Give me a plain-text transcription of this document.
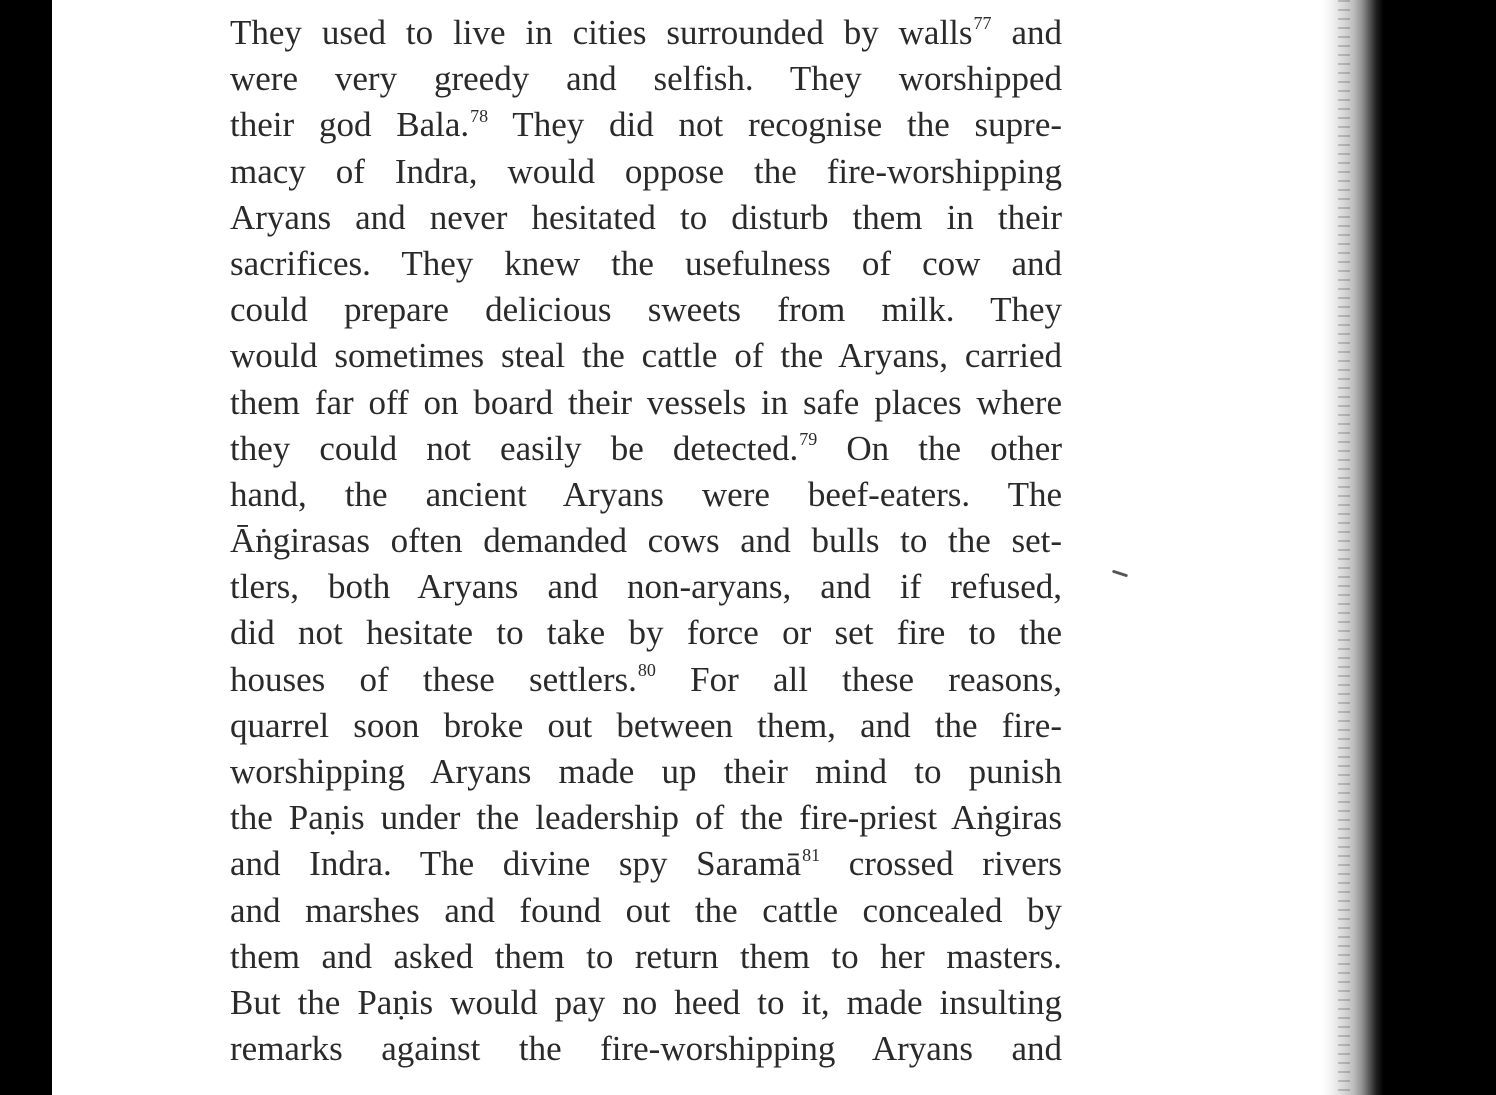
They used to live in cities surrounded by walls$^{77}$ and
were very greedy and selfish. They worshipped
their god Bala.$^{78}$ They did not recognise the supre-
macy of Indra, would oppose the fire-worshipping
Aryans and never hesitated to disturb them in their
sacrifices. They knew the usefulness of cow and
could prepare delicious sweets from milk. They
would sometimes steal the cattle of the Aryans, carried
them far off on board their vessels in safe places where
they could not easily be detected.$^{79}$ On the other
hand, the ancient Aryans were beef-eaters. The
Āṅgirasas often demanded cows and bulls to the set-
tlers, both Aryans and non-aryans, and if refused,
did not hesitate to take by force or set fire to the
houses of these settlers.$^{80}$ For all these reasons,
quarrel soon broke out between them, and the fire-
worshipping Aryans made up their mind to punish
the Paṇis under the leadership of the fire-priest Aṅgiras
and Indra. The divine spy Saramā$^{81}$ crossed rivers
and marshes and found out the cattle concealed by
them and asked them to return them to her masters.
But the Paṇis would pay no heed to it, made insulting
remarks against the fire-worshipping Aryans and
